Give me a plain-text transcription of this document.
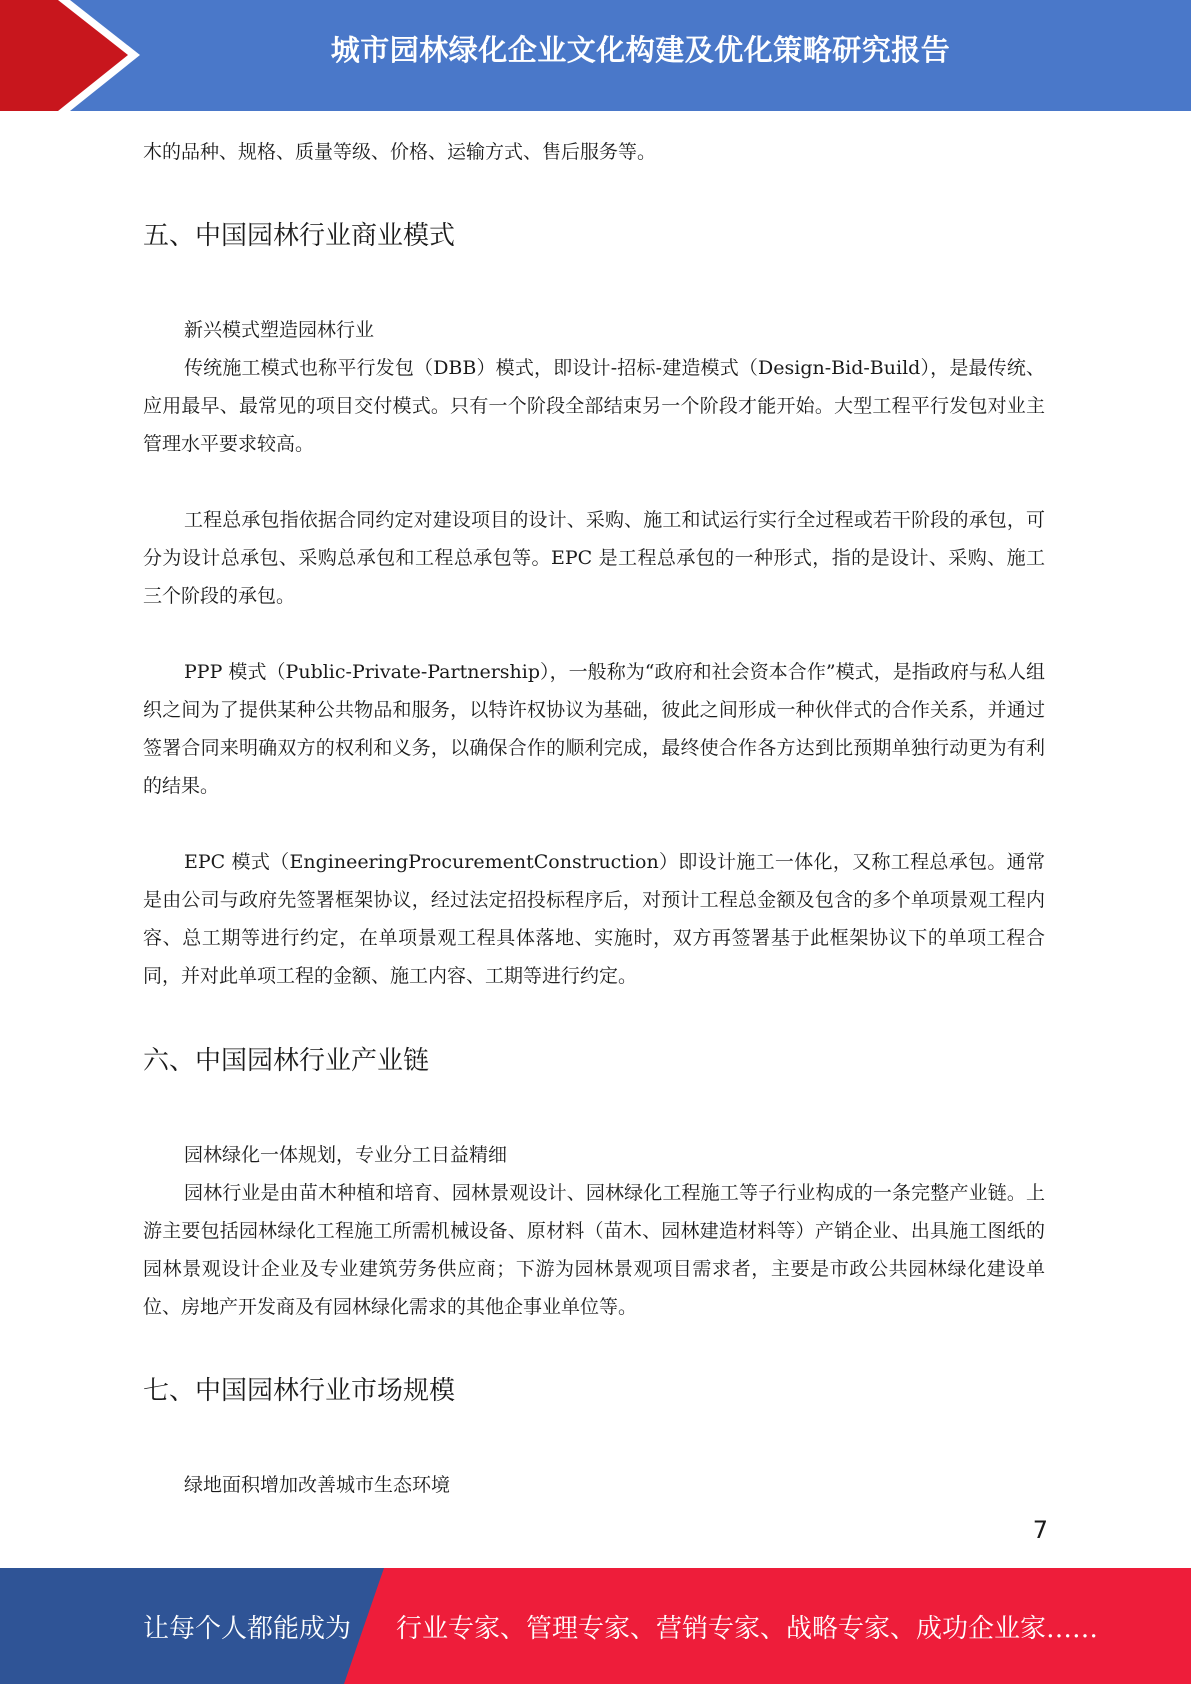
城市园林绿化企业文化构建及优化策略研究报告

木的品种、规格、质量等级、价格、运输方式、售后服务等。

五、中国园林行业商业模式

新兴模式塑造园林行业

传统施工模式也称平行发包（DBB）模式，即设计-招标-建造模式（Design-Bid-Build），是最传统、应用最早、最常见的项目交付模式。只有一个阶段全部结束另一个阶段才能开始。大型工程平行发包对业主管理水平要求较高。

工程总承包指依据合同约定对建设项目的设计、采购、施工和试运行实行全过程或若干阶段的承包，可分为设计总承包、采购总承包和工程总承包等。EPC 是工程总承包的一种形式，指的是设计、采购、施工三个阶段的承包。

PPP 模式（Public-Private-Partnership），一般称为“政府和社会资本合作”模式，是指政府与私人组织之间为了提供某种公共物品和服务，以特许权协议为基础，彼此之间形成一种伙伴式的合作关系，并通过签署合同来明确双方的权利和义务，以确保合作的顺利完成，最终使合作各方达到比预期单独行动更为有利的结果。

EPC 模式（EngineeringProcurementConstruction）即设计施工一体化，又称工程总承包。通常是由公司与政府先签署框架协议，经过法定招投标程序后，对预计工程总金额及包含的多个单项景观工程内容、总工期等进行约定，在单项景观工程具体落地、实施时，双方再签署基于此框架协议下的单项工程合同，并对此单项工程的金额、施工内容、工期等进行约定。

六、中国园林行业产业链

园林绿化一体规划，专业分工日益精细

园林行业是由苗木种植和培育、园林景观设计、园林绿化工程施工等子行业构成的一条完整产业链。上游主要包括园林绿化工程施工所需机械设备、原材料（苗木、园林建造材料等）产销企业、出具施工图纸的园林景观设计企业及专业建筑劳务供应商；下游为园林景观项目需求者，主要是市政公共园林绿化建设单位、房地产开发商及有园林绿化需求的其他企事业单位等。

七、中国园林行业市场规模

绿地面积增加改善城市生态环境

7
让每个人都能成为 行业专家、管理专家、营销专家、战略专家、成功企业家……
